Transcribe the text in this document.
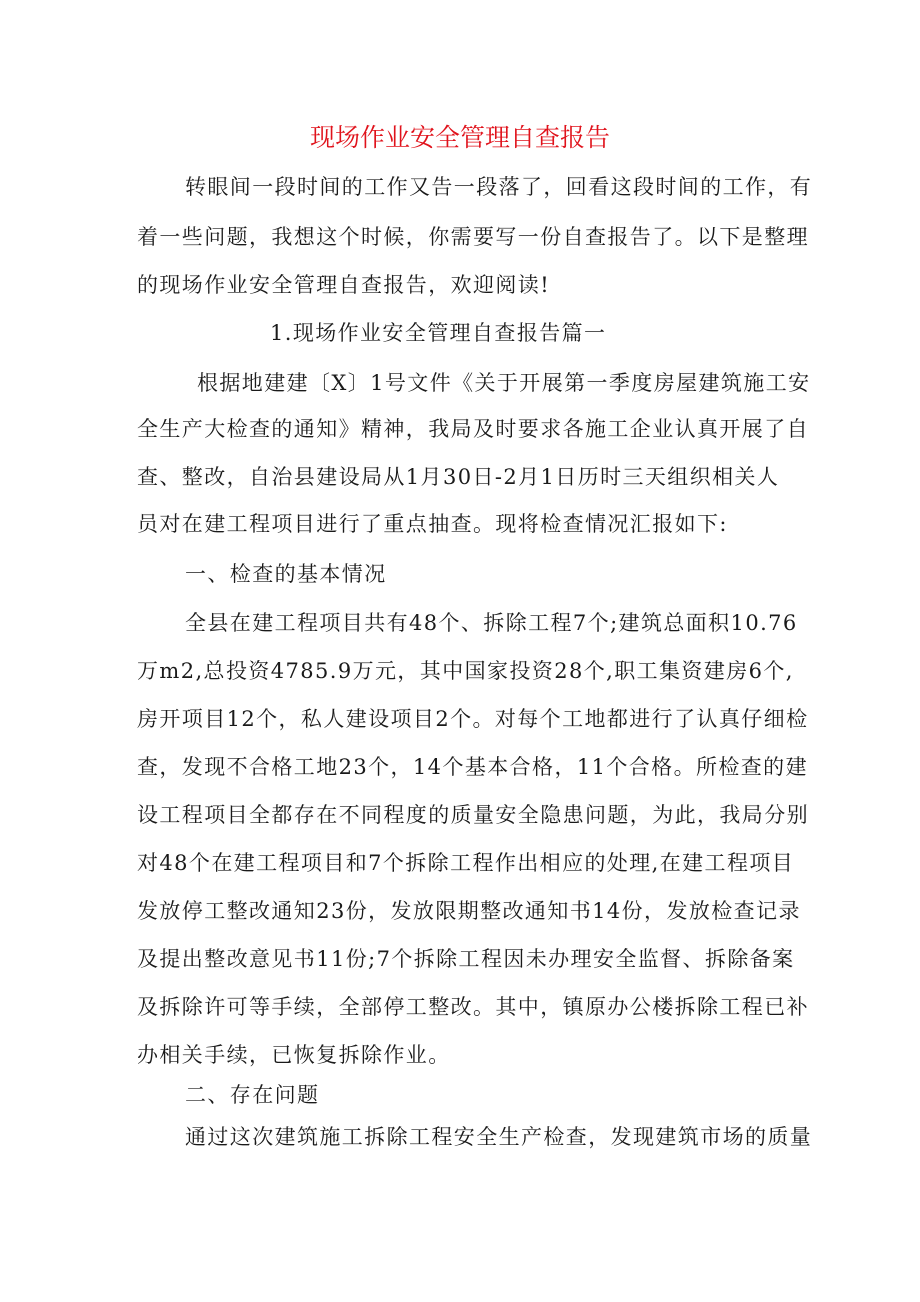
现场作业安全管理自查报告
转眼间一段时间的工作又告一段落了，回看这段时间的工作，有
着一些问题，我想这个时候，你需要写一份自查报告了。以下是整理
的现场作业安全管理自查报告，欢迎阅读!
1.现场作业安全管理自查报告篇一
根据地建建〔X〕1号文件《关于开展第一季度房屋建筑施工安
全生产大检查的通知》精神，我局及时要求各施工企业认真开展了自
查、整改，自治县建设局从1月30日-2月1日历时三天组织相关人
员对在建工程项目进行了重点抽查。现将检查情况汇报如下:
一、检查的基本情况
全县在建工程项目共有48个、拆除工程7个;建筑总面积10.76
万m2,总投资4785.9万元，其中国家投资28个,职工集资建房6个,
房开项目12个，私人建设项目2个。对每个工地都进行了认真仔细检
查，发现不合格工地23个，14个基本合格，11个合格。所检查的建
设工程项目全都存在不同程度的质量安全隐患问题，为此，我局分别
对48个在建工程项目和7个拆除工程作出相应的处理,在建工程项目
发放停工整改通知23份，发放限期整改通知书14份，发放检查记录
及提出整改意见书11份;7个拆除工程因未办理安全监督、拆除备案
及拆除许可等手续，全部停工整改。其中，镇原办公楼拆除工程已补
办相关手续，已恢复拆除作业。
二、存在问题
通过这次建筑施工拆除工程安全生产检查，发现建筑市场的质量
